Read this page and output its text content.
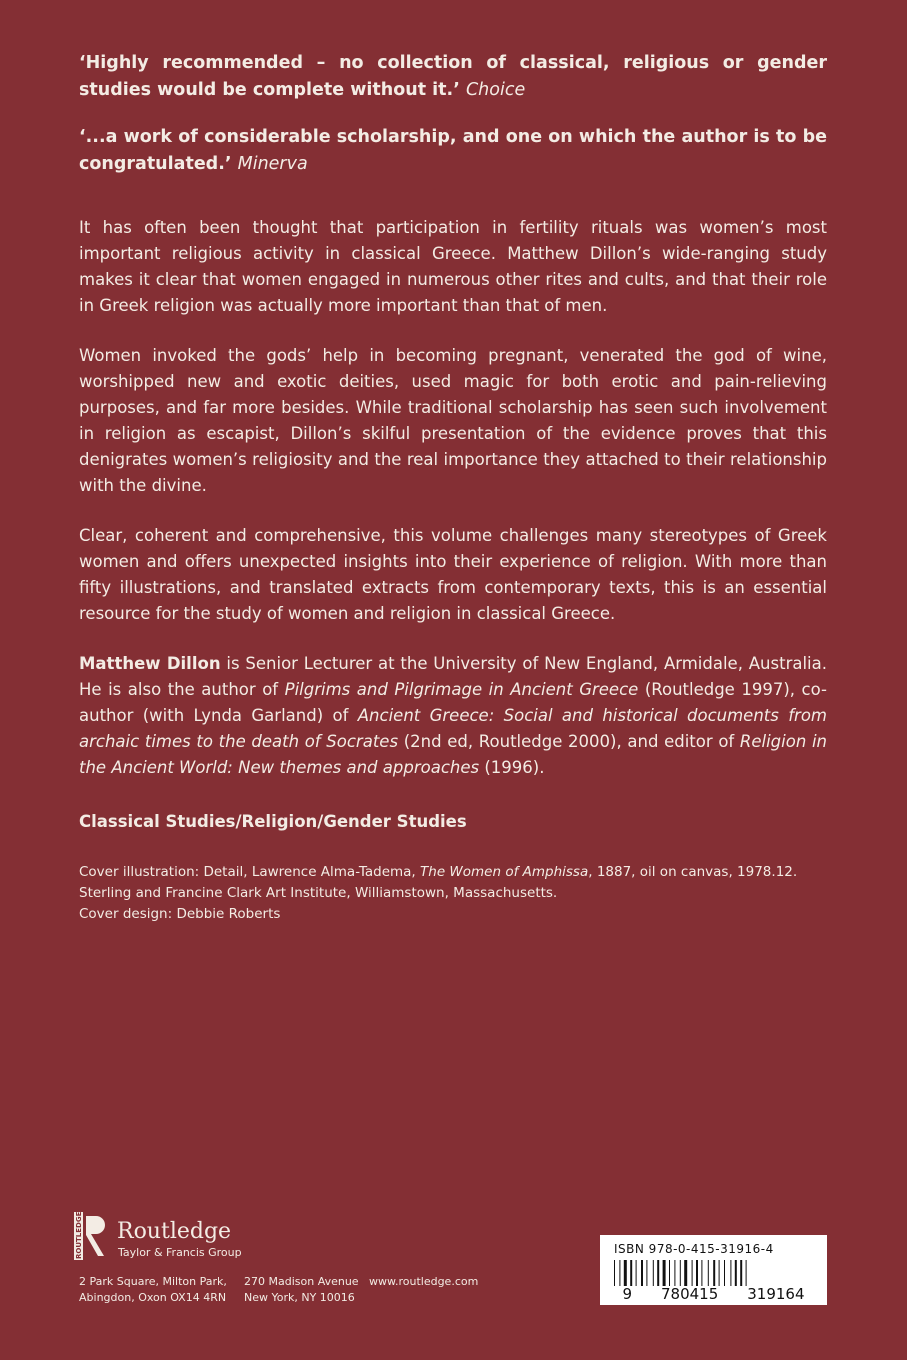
‘Highly recommended – no collection of classical, religious or gender studies would be complete without it.’ Choice

‘...a work of considerable scholarship, and one on which the author is to be congratulated.’ Minerva

It has often been thought that participation in fertility rituals was women’s most important religious activity in classical Greece. Matthew Dillon’s wide-ranging study makes it clear that women engaged in numerous other rites and cults, and that their role in Greek religion was actually more important than that of men.

Women invoked the gods’ help in becoming pregnant, venerated the god of wine, worshipped new and exotic deities, used magic for both erotic and pain-relieving purposes, and far more besides. While traditional scholarship has seen such involvement in religion as escapist, Dillon’s skilful presentation of the evidence proves that this denigrates women’s religiosity and the real importance they attached to their relationship with the divine.

Clear, coherent and comprehensive, this volume challenges many stereotypes of Greek women and offers unexpected insights into their experience of religion. With more than fifty illustrations, and translated extracts from contemporary texts, this is an essential resource for the study of women and religion in classical Greece.

Matthew Dillon is Senior Lecturer at the University of New England, Armidale, Australia. He is also the author of Pilgrims and Pilgrimage in Ancient Greece (Routledge 1997), co-author (with Lynda Garland) of Ancient Greece: Social and historical documents from archaic times to the death of Socrates (2nd ed, Routledge 2000), and editor of Religion in the Ancient World: New themes and approaches (1996).

Classical Studies/Religion/Gender Studies

Cover illustration: Detail, Lawrence Alma-Tadema, The Women of Amphissa, 1887, oil on canvas, 1978.12.

Sterling and Francine Clark Art Institute, Williamstown, Massachusetts.

Cover design: Debbie Roberts

ROUTLEDGE Routledge
Taylor & Francis Group
2 Park Square, Milton Park,
Abingdon, Oxon OX14 4RN
270 Madison Avenue
New York, NY 10016
www.routledge.com
ISBN 978-0-415-31916-4
9 780415 319164
